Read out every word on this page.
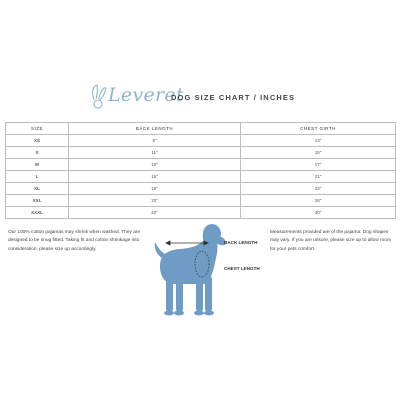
Leveret
DOG SIZE CHART / INCHES
SIZE	BACK LENGTH	CHEST GIRTH
XS	9"	13"
S	11"	15"
M	13"	17"
L	16"	21"
XL	18"	23"
XXL	20"	26"
XXXL	22"	30"

Our 100% cotton pajamas may shrink when washed. They are designed to be snug fitted. Taking fit and cotton shrinkage into consideration, please size up accordingly.

Measurements provided are of the pajama. Dog shapes may vary. If you are unsure, please size up to allow room for your pets comfort.

BACK LENGTH
CHEST LENGTH
